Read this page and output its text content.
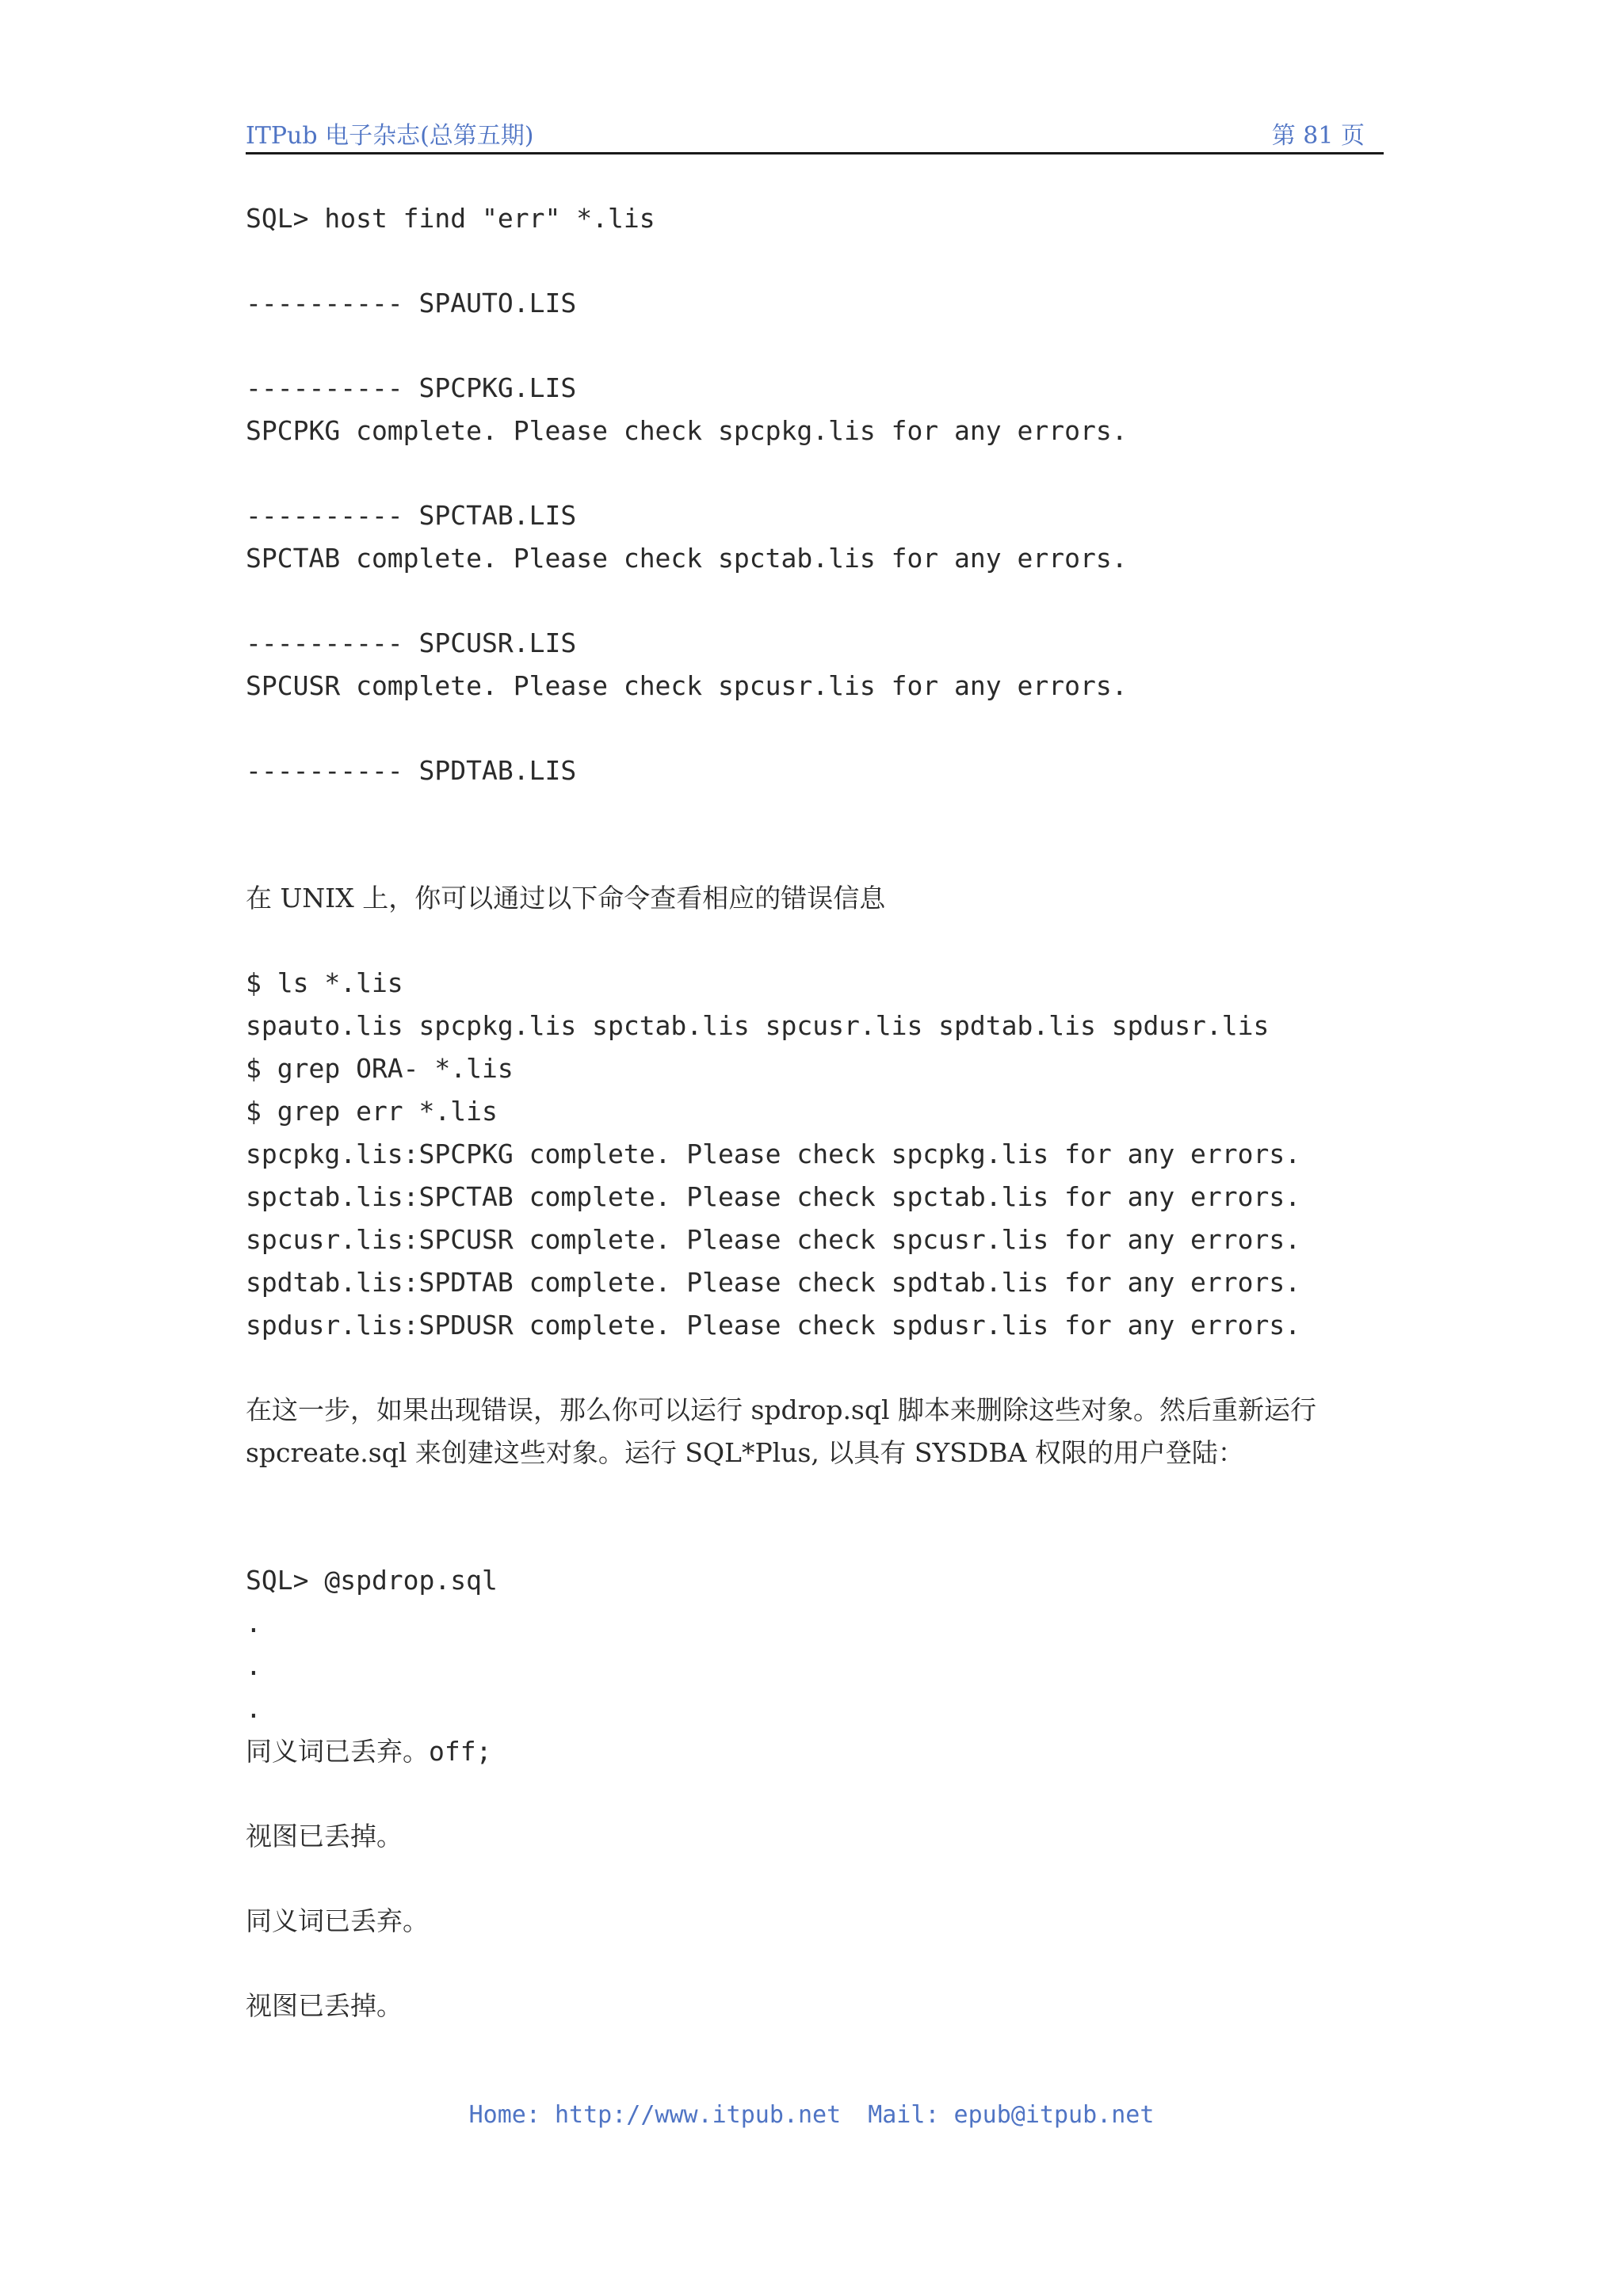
ITPub 电子杂志(总第五期)	第 81 页
SQL> host find "err" *.lis
---------- SPAUTO.LIS
---------- SPCPKG.LIS
SPCPKG complete. Please check spcpkg.lis for any errors.
---------- SPCTAB.LIS
SPCTAB complete. Please check spctab.lis for any errors.
---------- SPCUSR.LIS
SPCUSR complete. Please check spcusr.lis for any errors.
---------- SPDTAB.LIS
在 UNIX 上，你可以通过以下命令查看相应的错误信息
$ ls *.lis
spauto.lis spcpkg.lis spctab.lis spcusr.lis spdtab.lis spdusr.lis
$ grep ORA- *.lis
$ grep err *.lis
spcpkg.lis:SPCPKG complete. Please check spcpkg.lis for any errors.
spctab.lis:SPCTAB complete. Please check spctab.lis for any errors.
spcusr.lis:SPCUSR complete. Please check spcusr.lis for any errors.
spdtab.lis:SPDTAB complete. Please check spdtab.lis for any errors.
spdusr.lis:SPDUSR complete. Please check spdusr.lis for any errors.
在这一步，如果出现错误，那么你可以运行 spdrop.sql 脚本来删除这些对象。然后重新运行
spcreate.sql 来创建这些对象。运行 SQL*Plus, 以具有 SYSDBA 权限的用户登陆：
SQL> @spdrop.sql
.
.
.
同义词已丢弃。off;
视图已丢掉。
同义词已丢弃。
视图已丢掉。
Home: http://www.itpub.net Mail: epub@itpub.net
